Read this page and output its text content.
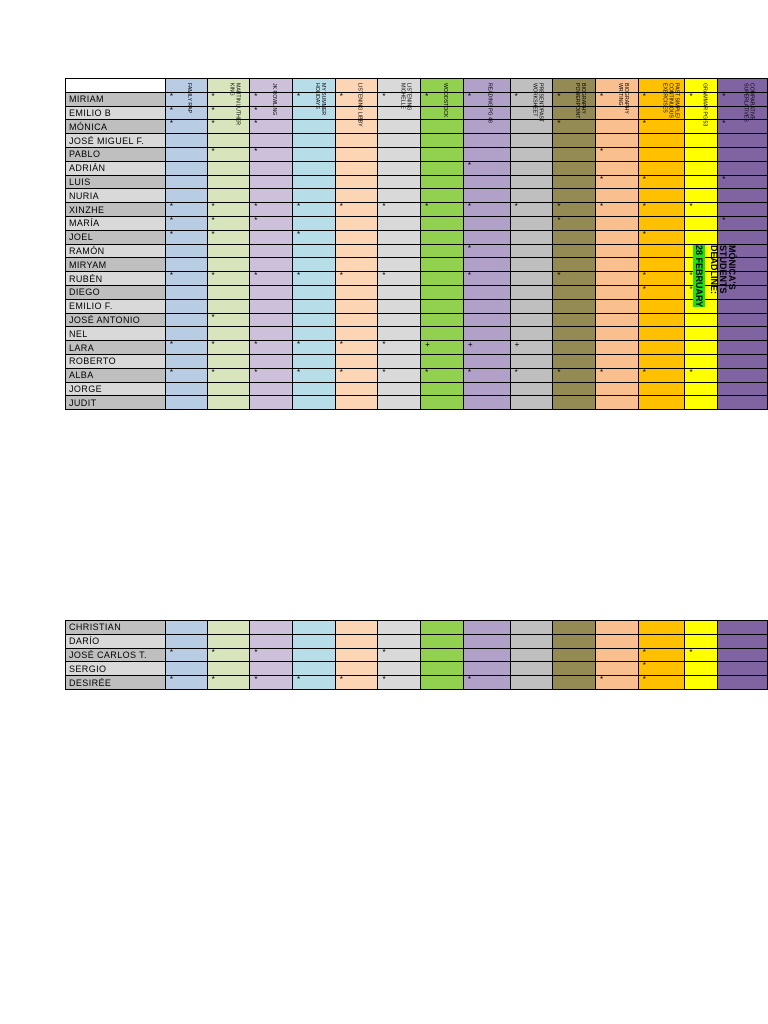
	FAMILY RAP	MARTIN LUTHER KING	JK ROWLING	MY SUMMER HOLIDAYS	LISTENING LIBBY	LISTENING MICHELLE	WOODSTOCK	READING PG 48	PRESENT/PAST WORKSHEET	BIOGRAPHY POWERPOINT	BIOGRAPHY WRITING	PAST SIMPLE/ CONTINUOUS EXERCISES	GRAMMAR PG 53	COMPARATIVE SUPERLATIVES

MIRIAM	*	*	*	*	*	*	*	*	*	*	*	*	*	*
EMILIO B	*	*	*											
MÓNICA	*	*	*							*		*		*
JOSÉ MIGUEL F.														
PABLO		*	*								*			
ADRIÁN								*						
LUIS											*	*		*
NURIA														
XINZHE	*	*	*	*	*	*	*	*	*	*	*	*	*	
MARÍA	*	*	*							*				*
JOEL	*	*		*								*		
RAMÓN								*						
MIRYAM														
RUBÉN	*	*	*	*	*	*		*		*		*	*	
DIEGO												*	*	
EMILIO F.														
JOSÉ ANTONIO		*												
NEL														
LARA	*	*	*	*	*	*	+	+	+					
ROBERTO														
ALBA	*	*	*	*	*	*	*	*	*	*	*	*	*	
JORGE														
JUDIT														
MÓNICA'S
STUDENTS
DEADLINE:
28 FEBRUARY
CHRISTIAN														
DARÍO														
JOSÉ CARLOS T.	*	*	*			*						*	*	
SERGIO												*		
DESIRÉE	*	*	*	*	*	*		*			*	*		
